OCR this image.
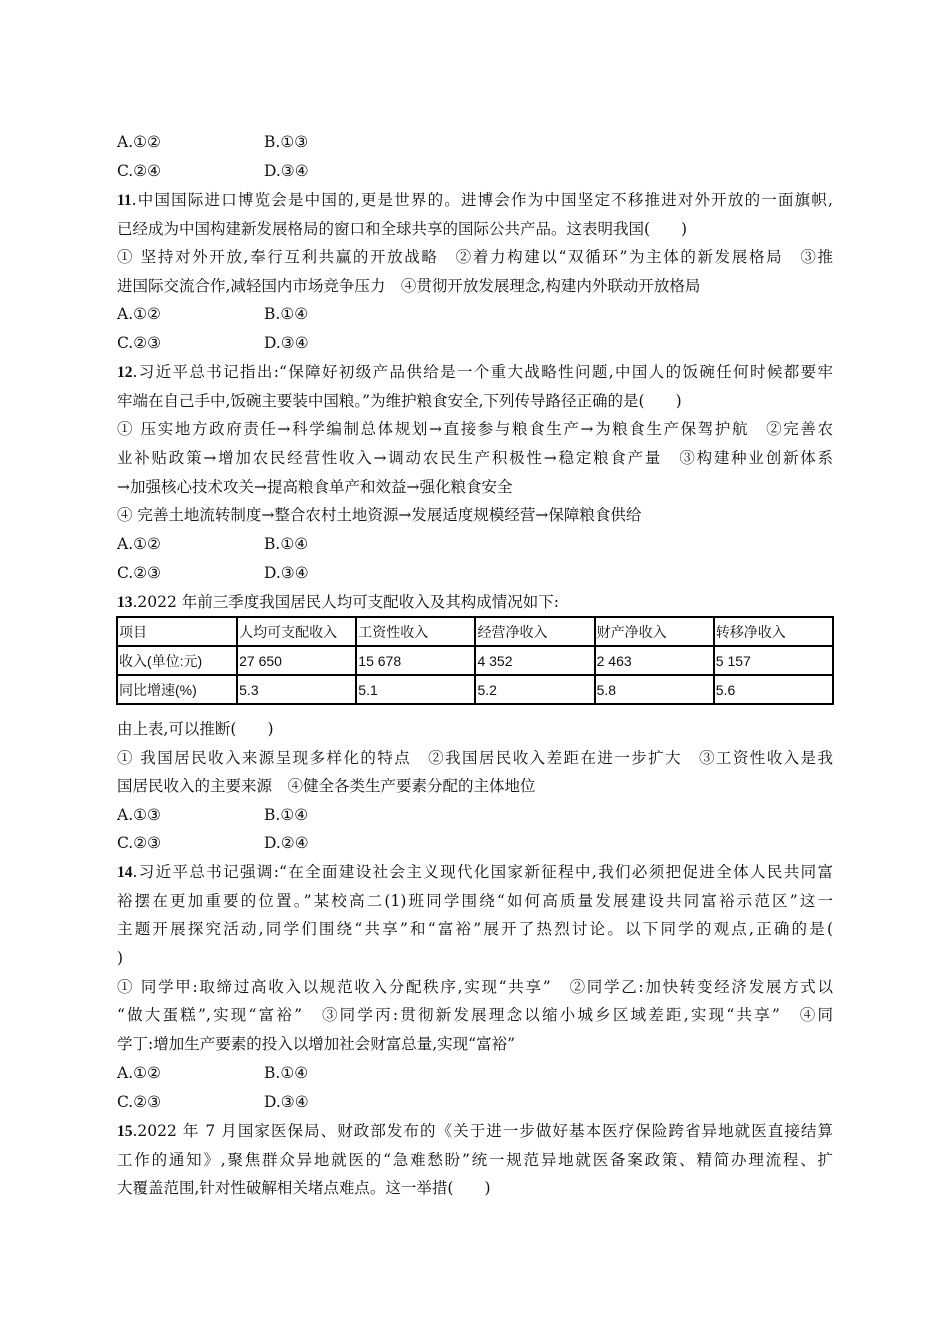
A.①②	B.①③
C.②④	D.③④
11.中国国际进口博览会是中国的,更是世界的。进博会作为中国坚定不移推进对外开放的一面旗帜,
已经成为中国构建新发展格局的窗口和全球共享的国际公共产品。这表明我国(　　)
① 坚持对外开放,奉行互利共赢的开放战略　②着力构建以“双循环”为主体的新发展格局　③推
进国际交流合作,减轻国内市场竞争压力　④贯彻开放发展理念,构建内外联动开放格局
A.①②	B.①④
C.②③	D.③④
12.习近平总书记指出:“保障好初级产品供给是一个重大战略性问题,中国人的饭碗任何时候都要牢
牢端在自己手中,饭碗主要装中国粮。”为维护粮食安全,下列传导路径正确的是(　　)
① 压实地方政府责任→科学编制总体规划→直接参与粮食生产→为粮食生产保驾护航　②完善农
业补贴政策→增加农民经营性收入→调动农民生产积极性→稳定粮食产量　③构建种业创新体系
→加强核心技术攻关→提高粮食单产和效益→强化粮食安全
④ 完善土地流转制度→整合农村土地资源→发展适度规模经营→保障粮食供给
A.①②	B.①④
C.②③	D.③④
13.2022 年前三季度我国居民人均可支配收入及其构成情况如下:
项目	人均可支配收入	工资性收入	经营净收入	财产净收入	转移净收入
收入(单位:元)	27 650	15 678	4 352	2 463	5 157
同比增速(%)	5.3	5.1	5.2	5.8	5.6
由上表,可以推断(　　)
① 我国居民收入来源呈现多样化的特点　②我国居民收入差距在进一步扩大　③工资性收入是我
国居民收入的主要来源　④健全各类生产要素分配的主体地位
A.①③	B.①④
C.②③	D.②④
14.习近平总书记强调:“在全面建设社会主义现代化国家新征程中,我们必须把促进全体人民共同富
裕摆在更加重要的位置。”某校高二(1)班同学围绕“如何高质量发展建设共同富裕示范区”这一
主题开展探究活动,同学们围绕“共享”和“富裕”展开了热烈讨论。以下同学的观点,正确的是(
)
① 同学甲:取缔过高收入以规范收入分配秩序,实现“共享”　②同学乙:加快转变经济发展方式以
“做大蛋糕”,实现“富裕”　③同学丙:贯彻新发展理念以缩小城乡区域差距,实现“共享”　④同
学丁:增加生产要素的投入以增加社会财富总量,实现“富裕”
A.①②	B.①④
C.②③	D.③④
15.2022 年 7 月国家医保局、财政部发布的《关于进一步做好基本医疗保险跨省异地就医直接结算
工作的通知》,聚焦群众异地就医的“急难愁盼”统一规范异地就医备案政策、精简办理流程、扩
大覆盖范围,针对性破解相关堵点难点。这一举措(　　)
